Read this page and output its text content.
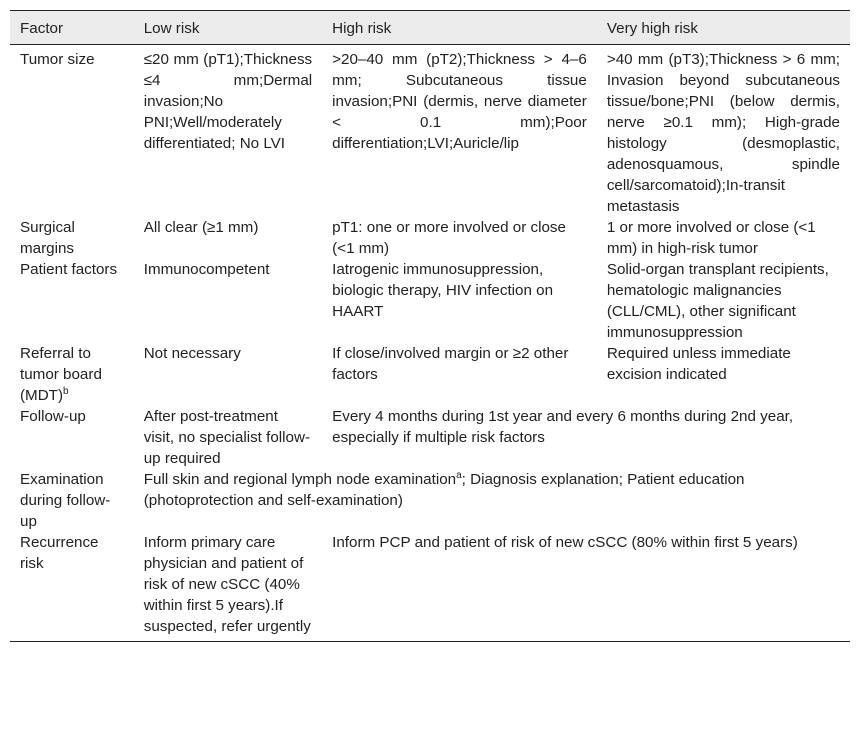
Factor	Low risk	High risk	Very high risk
Tumor size	≤20 mm (pT1);Thickness ≤4 mm;Dermal invasion;No PNI;Well/moderately differentiated; No LVI	>20–40 mm (pT2);Thickness > 4–6 mm; Subcutaneous tissue invasion;PNI (dermis, nerve diameter < 0.1 mm);Poor differentiation;LVI;Auricle/lip	>40 mm (pT3);Thickness > 6 mm; Invasion beyond subcutaneous tissue/bone;PNI (below dermis, nerve ≥0.1 mm); High-grade histology (desmoplastic, adenosquamous, spindle cell/sarcomatoid);In-transit metastasis
Surgical margins	All clear (≥1 mm)	pT1: one or more involved or close (<1 mm)	1 or more involved or close (<1 mm) in high-risk tumor
Patient factors	Immunocompetent	Iatrogenic immunosuppression, biologic therapy, HIV infection on HAART	Solid-organ transplant recipients, hematologic malignancies (CLL/CML), other significant immunosuppression
Referral to tumor board (MDT)$^b$	Not necessary	If close/involved margin or ≥2 other factors	Required unless immediate excision indicated
Follow-up	After post-treatment visit, no specialist follow-up required	Every 4 months during 1st year and every 6 months during 2nd year, especially if multiple risk factors	
Examination during follow-up	Full skin and regional lymph node examination$^a$; Diagnosis explanation; Patient education (photoprotection and self-examination)		
Recurrence risk	Inform primary care physician and patient of risk of new cSCC (40% within first 5 years).If suspected, refer urgently	Inform PCP and patient of risk of new cSCC (80% within first 5 years)	
